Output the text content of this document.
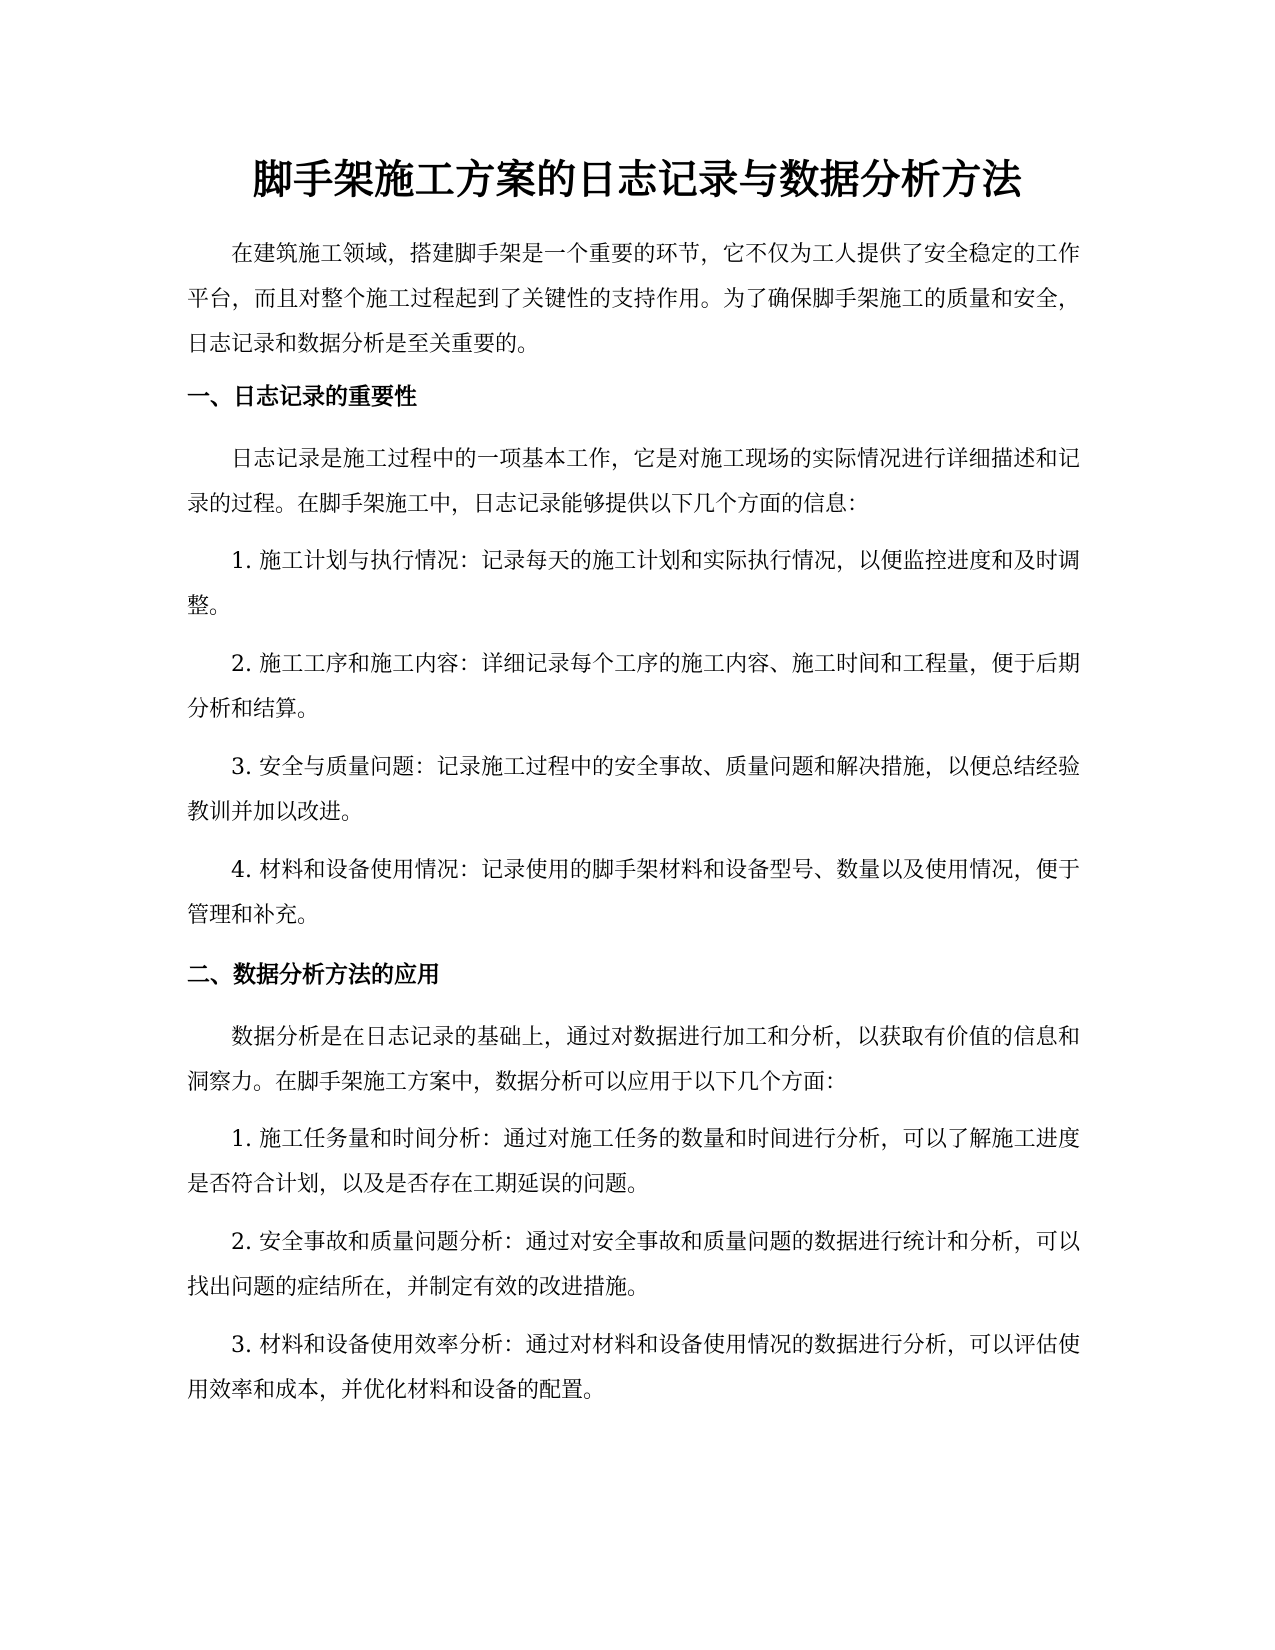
脚手架施工方案的日志记录与数据分析方法

在建筑施工领域，搭建脚手架是一个重要的环节，它不仅为工人提供了安全稳定的工作平台，而且对整个施工过程起到了关键性的支持作用。为了确保脚手架施工的质量和安全，日志记录和数据分析是至关重要的。

一、日志记录的重要性

日志记录是施工过程中的一项基本工作，它是对施工现场的实际情况进行详细描述和记录的过程。在脚手架施工中，日志记录能够提供以下几个方面的信息：

1. 施工计划与执行情况：记录每天的施工计划和实际执行情况，以便监控进度和及时调整。

2. 施工工序和施工内容：详细记录每个工序的施工内容、施工时间和工程量，便于后期分析和结算。

3. 安全与质量问题：记录施工过程中的安全事故、质量问题和解决措施，以便总结经验教训并加以改进。

4. 材料和设备使用情况：记录使用的脚手架材料和设备型号、数量以及使用情况，便于管理和补充。

二、数据分析方法的应用

数据分析是在日志记录的基础上，通过对数据进行加工和分析，以获取有价值的信息和洞察力。在脚手架施工方案中，数据分析可以应用于以下几个方面：

1. 施工任务量和时间分析：通过对施工任务的数量和时间进行分析，可以了解施工进度是否符合计划，以及是否存在工期延误的问题。

2. 安全事故和质量问题分析：通过对安全事故和质量问题的数据进行统计和分析，可以找出问题的症结所在，并制定有效的改进措施。

3. 材料和设备使用效率分析：通过对材料和设备使用情况的数据进行分析，可以评估使用效率和成本，并优化材料和设备的配置。
